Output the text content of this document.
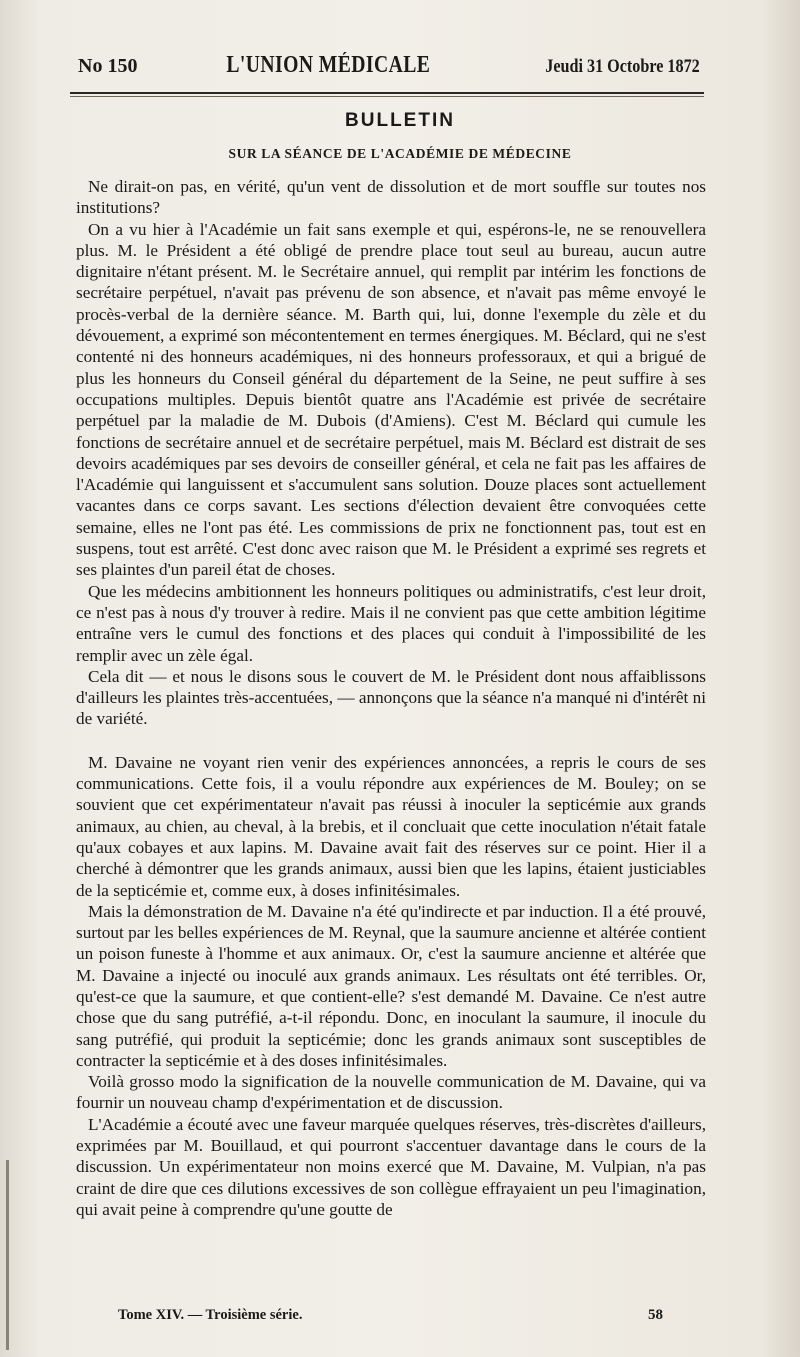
No 150	L'UNION MÉDICALE	Jeudi 31 Octobre 1872
BULLETIN
SUR LA SÉANCE DE L'ACADÉMIE DE MÉDECINE

Ne dirait-on pas, en vérité, qu'un vent de dissolution et de mort souffle sur toutes nos institutions?

On a vu hier à l'Académie un fait sans exemple et qui, espérons-le, ne se renouvellera plus. M. le Président a été obligé de prendre place tout seul au bureau, aucun autre dignitaire n'étant présent. M. le Secrétaire annuel, qui remplit par intérim les fonctions de secrétaire perpétuel, n'avait pas prévenu de son absence, et n'avait pas même envoyé le procès-verbal de la dernière séance. M. Barth qui, lui, donne l'exemple du zèle et du dévouement, a exprimé son mécontentement en termes énergiques. M. Béclard, qui ne s'est contenté ni des honneurs académiques, ni des honneurs professoraux, et qui a brigué de plus les honneurs du Conseil général du département de la Seine, ne peut suffire à ses occupations multiples. Depuis bientôt quatre ans l'Académie est privée de secrétaire perpétuel par la maladie de M. Dubois (d'Amiens). C'est M. Béclard qui cumule les fonctions de secrétaire annuel et de secrétaire perpétuel, mais M. Béclard est distrait de ses devoirs académiques par ses devoirs de conseiller général, et cela ne fait pas les affaires de l'Académie qui languissent et s'accumulent sans solution. Douze places sont actuellement vacantes dans ce corps savant. Les sections d'élection devaient être convoquées cette semaine, elles ne l'ont pas été. Les commissions de prix ne fonctionnent pas, tout est en suspens, tout est arrêté. C'est donc avec raison que M. le Président a exprimé ses regrets et ses plaintes d'un pareil état de choses.

Que les médecins ambitionnent les honneurs politiques ou administratifs, c'est leur droit, ce n'est pas à nous d'y trouver à redire. Mais il ne convient pas que cette ambition légitime entraîne vers le cumul des fonctions et des places qui conduit à l'impossibilité de les remplir avec un zèle égal.

Cela dit — et nous le disons sous le couvert de M. le Président dont nous affaiblissons d'ailleurs les plaintes très-accentuées, — annonçons que la séance n'a manqué ni d'intérêt ni de variété.

M. Davaine ne voyant rien venir des expériences annoncées, a repris le cours de ses communications. Cette fois, il a voulu répondre aux expériences de M. Bouley; on se souvient que cet expérimentateur n'avait pas réussi à inoculer la septicémie aux grands animaux, au chien, au cheval, à la brebis, et il concluait que cette inoculation n'était fatale qu'aux cobayes et aux lapins. M. Davaine avait fait des réserves sur ce point. Hier il a cherché à démontrer que les grands animaux, aussi bien que les lapins, étaient justiciables de la septicémie et, comme eux, à doses infinitésimales.

Mais la démonstration de M. Davaine n'a été qu'indirecte et par induction. Il a été prouvé, surtout par les belles expériences de M. Reynal, que la saumure ancienne et altérée contient un poison funeste à l'homme et aux animaux. Or, c'est la saumure ancienne et altérée que M. Davaine a injecté ou inoculé aux grands animaux. Les résultats ont été terribles. Or, qu'est-ce que la saumure, et que contient-elle? s'est demandé M. Davaine. Ce n'est autre chose que du sang putréfié, a-t-il répondu. Donc, en inoculant la saumure, il inocule du sang putréfié, qui produit la septicémie; donc les grands animaux sont susceptibles de contracter la septicémie et à des doses infinitésimales.

Voilà grosso modo la signification de la nouvelle communication de M. Davaine, qui va fournir un nouveau champ d'expérimentation et de discussion.

L'Académie a écouté avec une faveur marquée quelques réserves, très-discrètes d'ailleurs, exprimées par M. Bouillaud, et qui pourront s'accentuer davantage dans le cours de la discussion. Un expérimentateur non moins exercé que M. Davaine, M. Vulpian, n'a pas craint de dire que ces dilutions excessives de son collègue effrayaient un peu l'imagination, qui avait peine à comprendre qu'une goutte de

Tome XIV. — Troisième série.	58
